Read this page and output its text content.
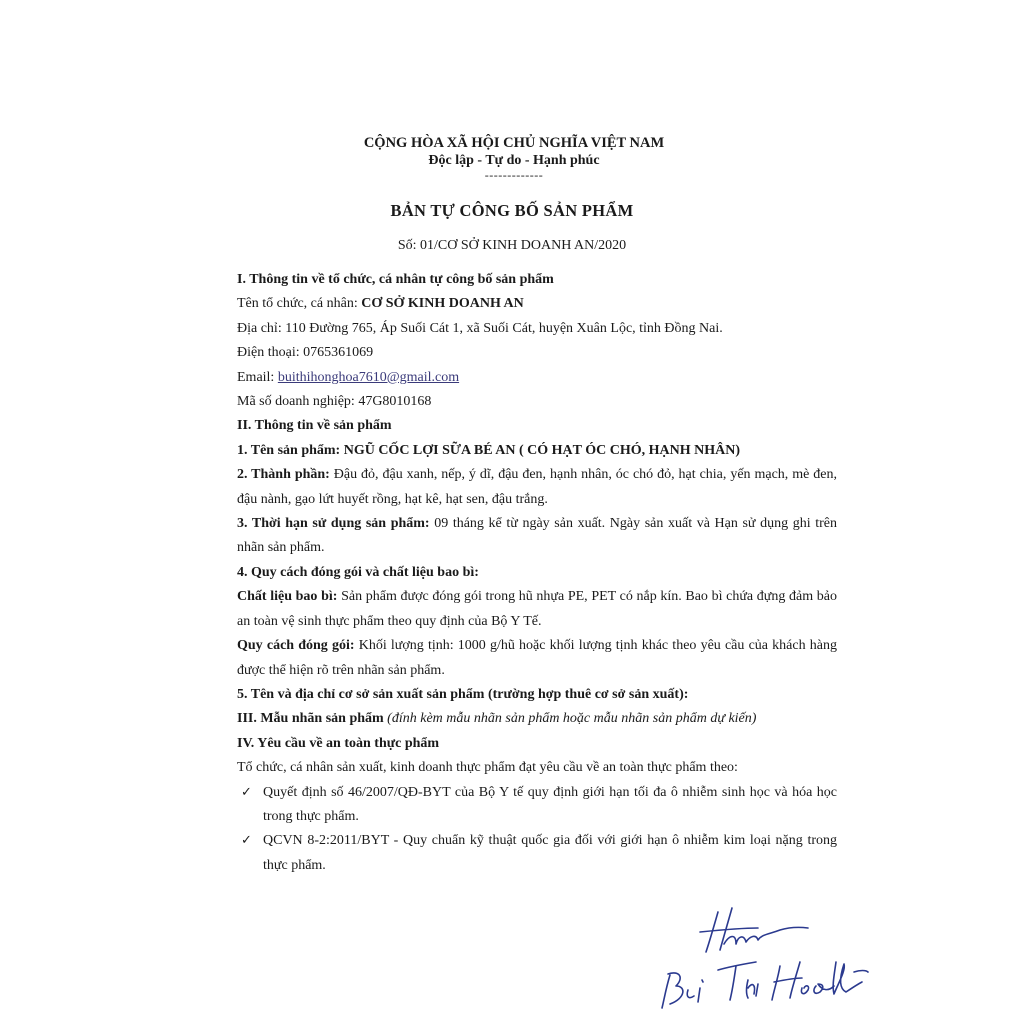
CỘNG HÒA XÃ HỘI CHỦ NGHĨA VIỆT NAM
Độc lập - Tự do - Hạnh phúc
-------------
BẢN TỰ CÔNG BỐ SẢN PHẨM
Số: 01/CƠ SỞ KINH DOANH AN/2020
I. Thông tin về tổ chức, cá nhân tự công bố sản phẩm
Tên tổ chức, cá nhân: CƠ SỞ KINH DOANH AN
Địa chỉ: 110 Đường 765, Áp Suối Cát 1, xã Suối Cát, huyện Xuân Lộc, tỉnh Đồng Nai.
Điện thoại: 0765361069
Email: buithihonghoa7610@gmail.com
Mã số doanh nghiệp: 47G8010168
II. Thông tin về sản phẩm
1. Tên sản phẩm: NGŨ CỐC LỢI SỮA BÉ AN ( CÓ HẠT ÓC CHÓ, HẠNH NHÂN)
2. Thành phần: Đậu đỏ, đậu xanh, nếp, ý dĩ, đậu đen, hạnh nhân, óc chó đỏ, hạt chia, yến mạch, mè đen, đậu nành, gạo lứt huyết rồng, hạt kê, hạt sen, đậu trắng.
3. Thời hạn sử dụng sản phẩm: 09 tháng kể từ ngày sản xuất. Ngày sản xuất và Hạn sử dụng ghi trên nhãn sản phẩm.
4. Quy cách đóng gói và chất liệu bao bì:
Chất liệu bao bì: Sản phẩm được đóng gói trong hũ nhựa PE, PET có nắp kín. Bao bì chứa đựng đảm bảo an toàn vệ sinh thực phẩm theo quy định của Bộ Y Tế.
Quy cách đóng gói: Khối lượng tịnh: 1000 g/hũ hoặc khối lượng tịnh khác theo yêu cầu của khách hàng được thể hiện rõ trên nhãn sản phẩm.
5. Tên và địa chỉ cơ sở sản xuất sản phẩm (trường hợp thuê cơ sở sản xuất):
III. Mẫu nhãn sản phẩm (đính kèm mẫu nhãn sản phẩm hoặc mẫu nhãn sản phẩm dự kiến)
IV. Yêu cầu về an toàn thực phẩm
Tổ chức, cá nhân sản xuất, kinh doanh thực phẩm đạt yêu cầu về an toàn thực phẩm theo:
✓ Quyết định số 46/2007/QĐ-BYT của Bộ Y tế quy định giới hạn tối đa ô nhiễm sinh học và hóa học trong thực phẩm.
✓ QCVN 8-2:2011/BYT - Quy chuẩn kỹ thuật quốc gia đối với giới hạn ô nhiễm kim loại nặng trong thực phẩm.
